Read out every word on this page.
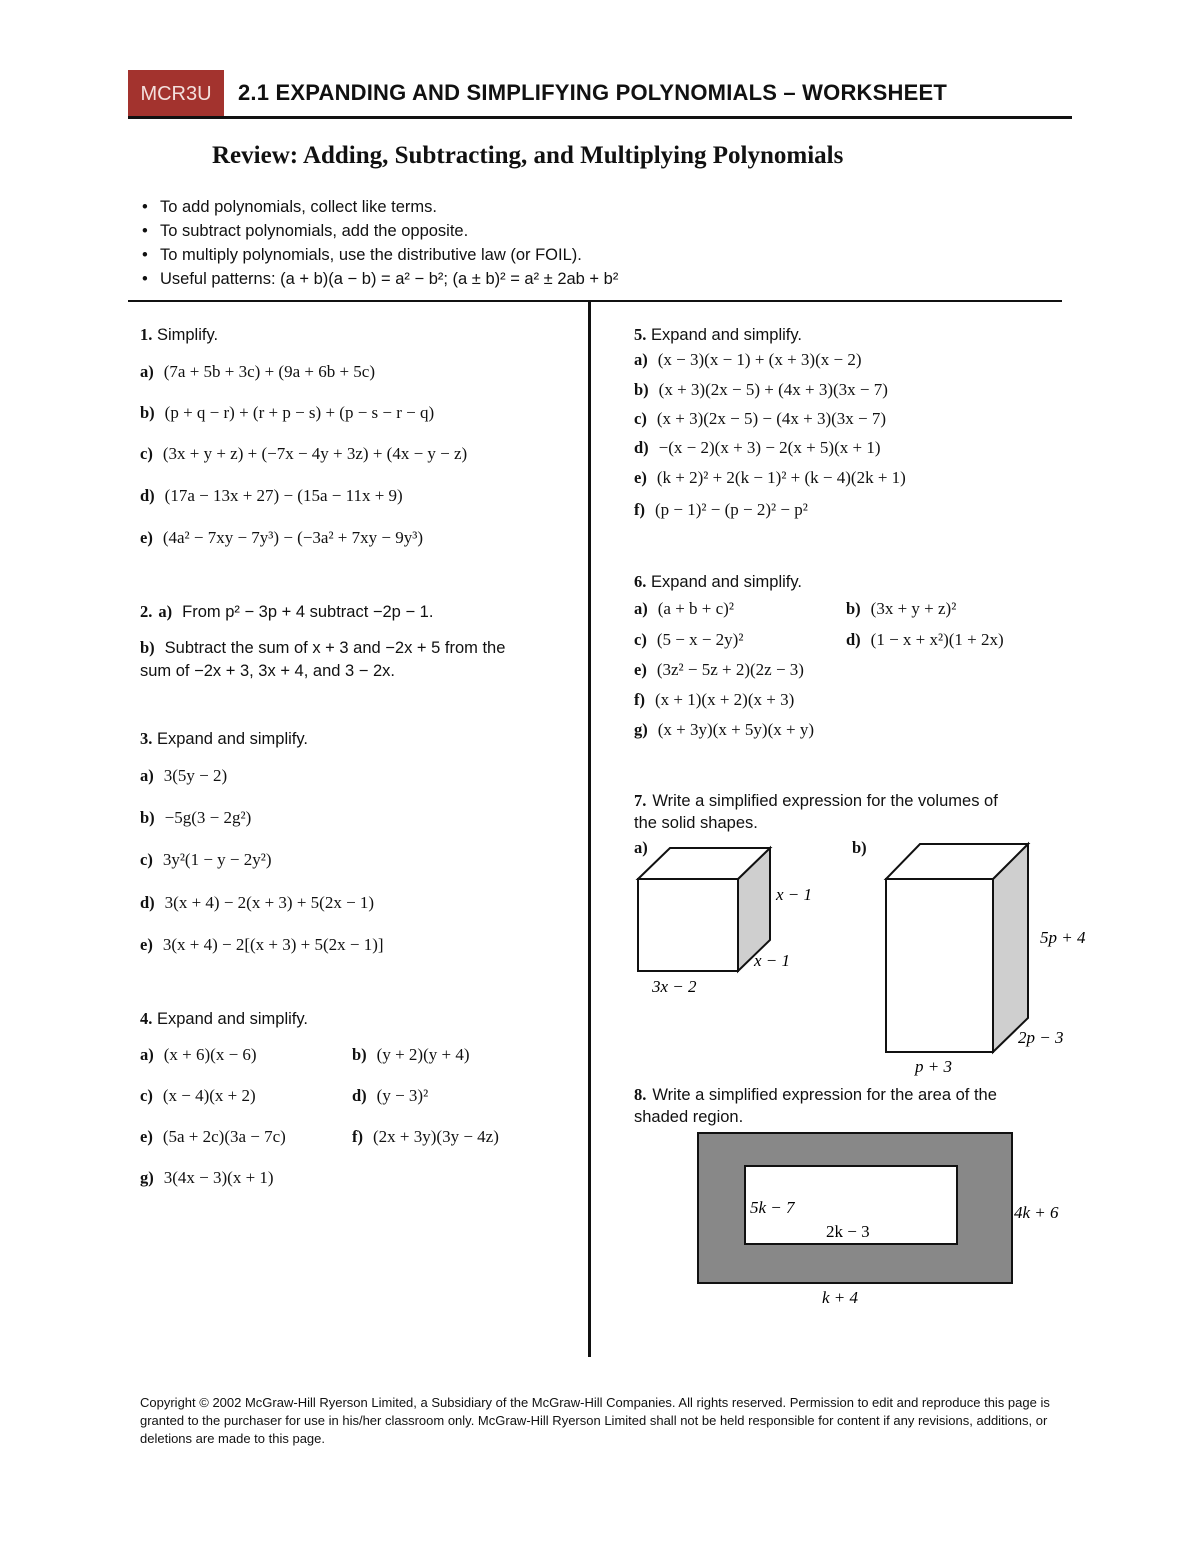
MCR3U	2.1 EXPANDING AND SIMPLIFYING POLYNOMIALS – WORKSHEET
Review: Adding, Subtracting, and Multiplying Polynomials
• To add polynomials, collect like terms.
• To subtract polynomials, add the opposite.
• To multiply polynomials, use the distributive law (or FOIL).
• Useful patterns: (a + b)(a − b) = a² − b²; (a ± b)² = a² ± 2ab + b²
1. Simplify.
a) (7a + 5b + 3c) + (9a + 6b + 5c)
b) (p + q − r) + (r + p − s) + (p − s − r − q)
c) (3x + y + z) + (−7x − 4y + 3z) + (4x − y − z)
d) (17a − 13x + 27) − (15a − 11x + 9)
e) (4a² − 7xy − 7y³) − (−3a² + 7xy − 9y³)
2. a) From p² − 3p + 4 subtract −2p − 1.
b) Subtract the sum of x + 3 and −2x + 5 from the
sum of −2x + 3, 3x + 4, and 3 − 2x.
3. Expand and simplify.
a) 3(5y − 2)
b) −5g(3 − 2g²)
c) 3y²(1 − y − 2y²)
d) 3(x + 4) − 2(x + 3) + 5(2x − 1)
e) 3(x + 4) − 2[(x + 3) + 5(2x − 1)]
4. Expand and simplify.
a) (x + 6)(x − 6)	b) (y + 2)(y + 4)
c) (x − 4)(x + 2)	d) (y − 3)²
e) (5a + 2c)(3a − 7c)	f) (2x + 3y)(3y − 4z)
g) 3(4x − 3)(x + 1)
5. Expand and simplify.
a) (x − 3)(x − 1) + (x + 3)(x − 2)
b) (x + 3)(2x − 5) + (4x + 3)(3x − 7)
c) (x + 3)(2x − 5) − (4x + 3)(3x − 7)
d) −(x − 2)(x + 3) − 2(x + 5)(x + 1)
e) (k + 2)² + 2(k − 1)² + (k − 4)(2k + 1)
f) (p − 1)² − (p − 2)² − p²
6. Expand and simplify.
a) (a + b + c)²	b) (3x + y + z)²
c) (5 − x − 2y)²	d) (1 − x + x²)(1 + 2x)
e) (3z² − 5z + 2)(2z − 3)
f) (x + 1)(x + 2)(x + 3)
g) (x + 3y)(x + 5y)(x + y)
7. Write a simplified expression for the volumes of
the solid shapes.
a)	b)
x − 1
x − 1
3x − 2
5p + 4
2p − 3
p + 3
8. Write a simplified expression for the area of the
shaded region.
5k − 7
2k − 3
4k + 6
k + 4
Copyright © 2002 McGraw-Hill Ryerson Limited, a Subsidiary of the McGraw-Hill Companies. All rights reserved. Permission to edit and reproduce this page is granted to the purchaser for use in his/her classroom only. McGraw-Hill Ryerson Limited shall not be held responsible for content if any revisions, additions, or deletions are made to this page.
